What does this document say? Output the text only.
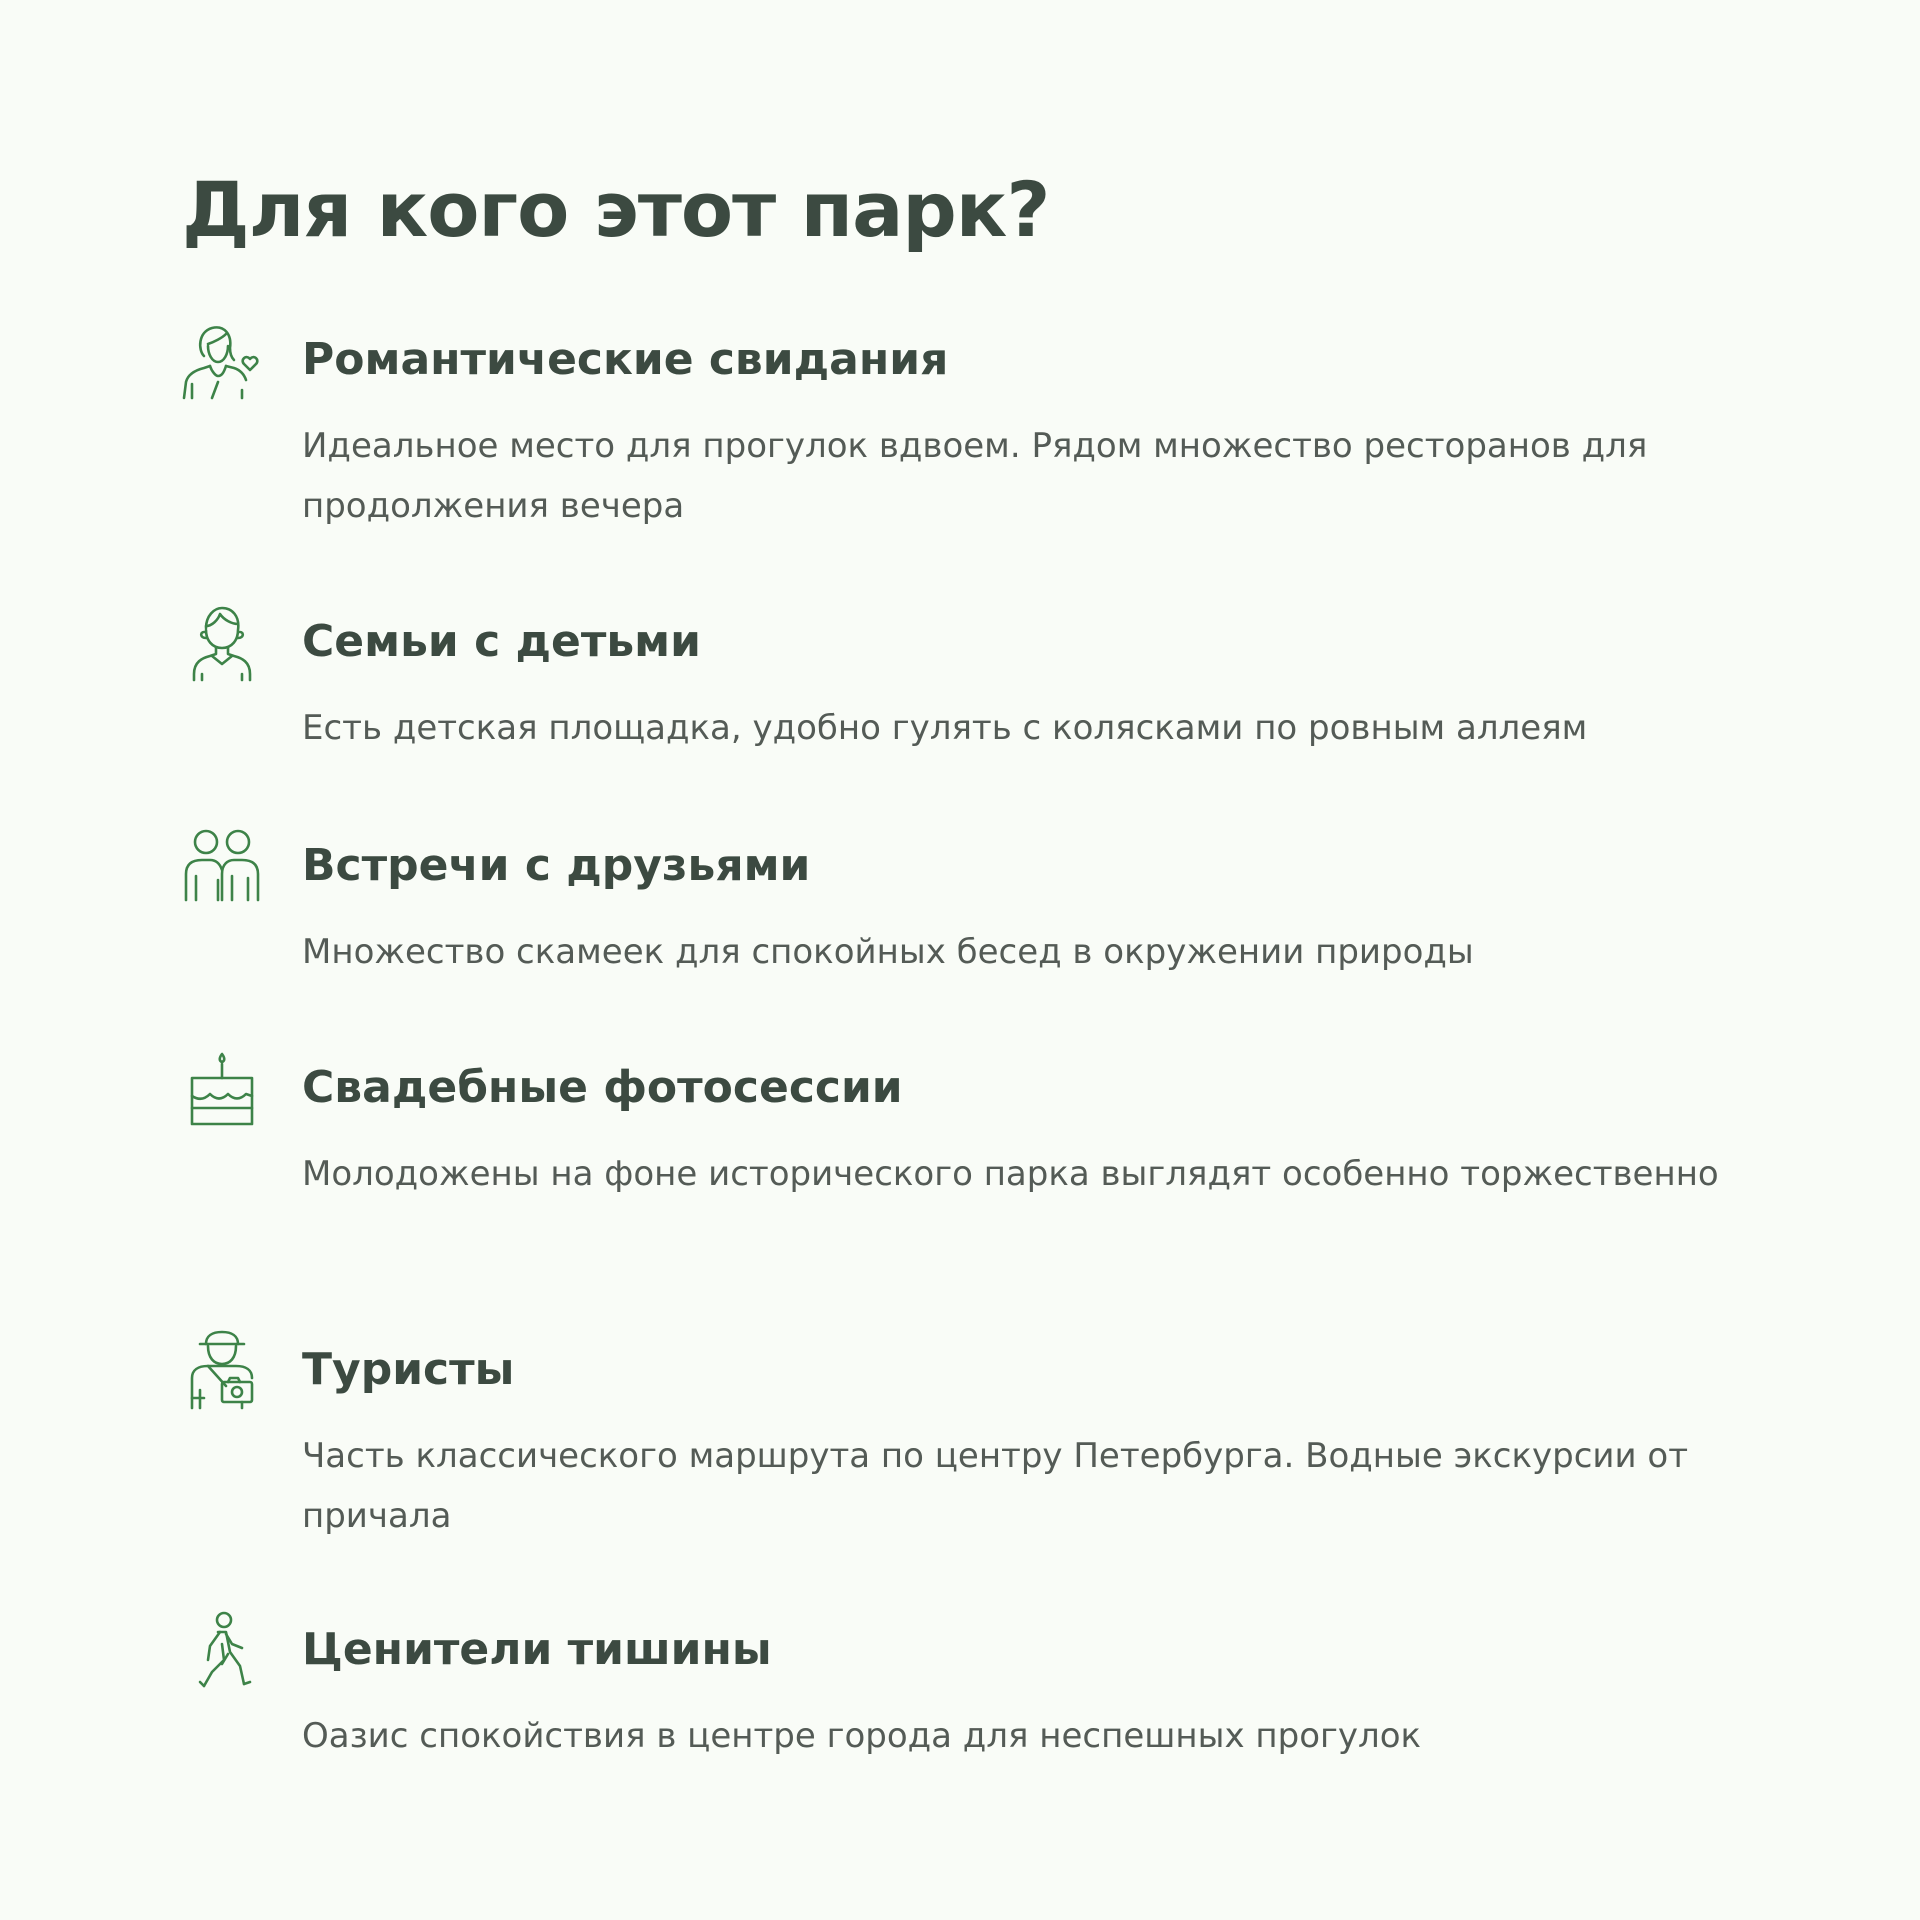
Для кого этот парк?
Романтические свидания

Идеальное место для прогулок вдвоем. Рядом множество ресторанов для продолжения вечера

Семьи с детьми

Есть детская площадка, удобно гулять с колясками по ровным аллеям

Встречи с друзьями

Множество скамеек для спокойных бесед в окружении природы

Свадебные фотосессии

Молодожены на фоне исторического парка выглядят особенно торжественно

Туристы

Часть классического маршрута по центру Петербурга. Водные экскурсии от причала

Ценители тишины

Оазис спокойствия в центре города для неспешных прогулок
